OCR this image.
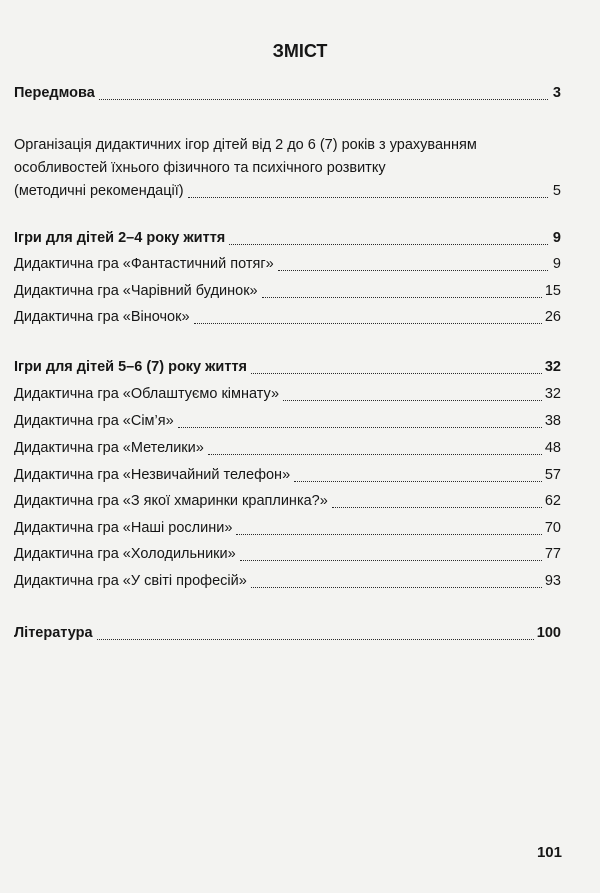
ЗМІСТ
Передмова	3
Організація дидактичних ігор дітей від 2 до 6 (7) років з урахуванням
особливостей їхнього фізичного та психічного розвитку
(методичні рекомендації)	5
Ігри для дітей 2–4 року життя	9
Дидактична гра «Фантастичний потяг»	9
Дидактична гра «Чарівний будинок»	15
Дидактична гра «Віночок»	26
Ігри для дітей 5–6 (7) року життя	32
Дидактична гра «Облаштуємо кімнату»	32
Дидактична гра «Сім’я»	38
Дидактична гра «Метелики»	48
Дидактична гра «Незвичайний телефон»	57
Дидактична гра «З якої хмаринки краплинка?»	62
Дидактична гра «Наші рослини»	70
Дидактична гра «Холодильники»	77
Дидактична гра «У світі професій»	93
Література	100
101
